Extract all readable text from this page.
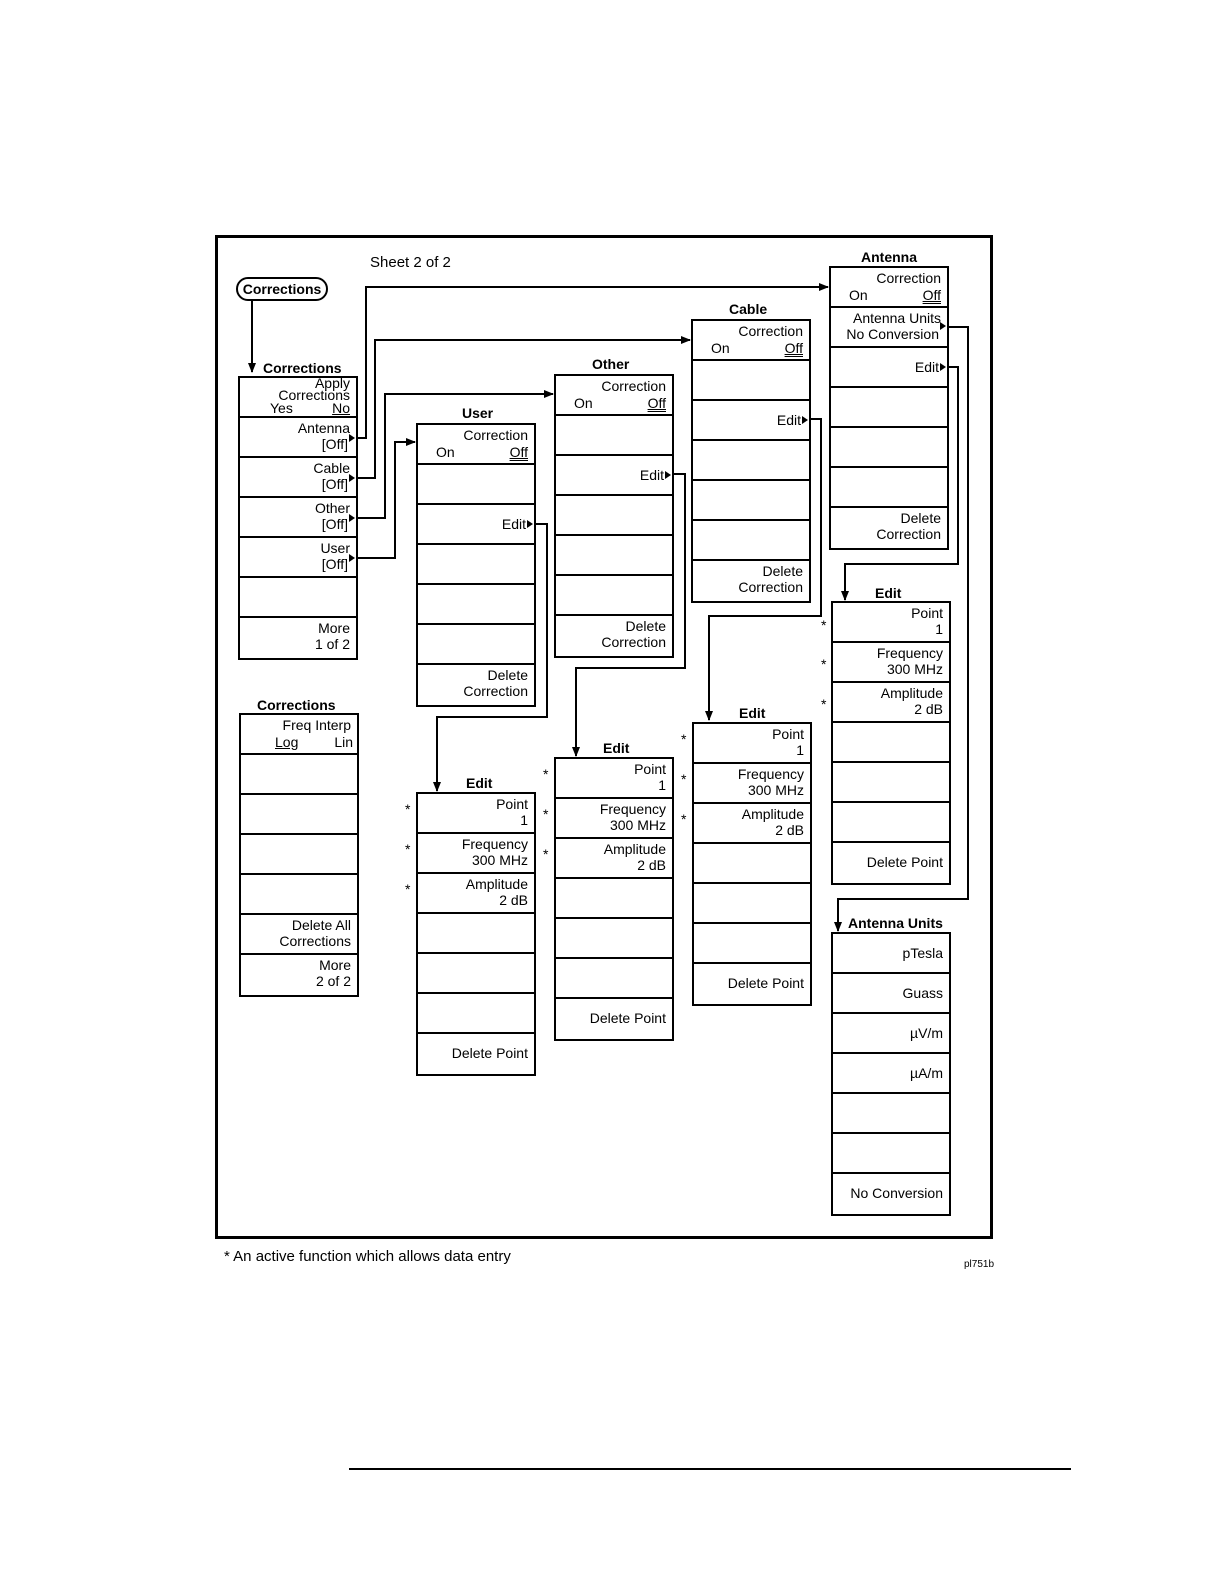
Sheet 2 of 2
Corrections
Corrections
Apply
Corrections
Yes	No
Antenna
[Off]
Cable
[Off]
Other
[Off]
User
[Off]
More
1 of 2
Corrections
Freq Interp
Log	Lin
Delete All
Corrections
More
2 of 2
User
Correction
On	Off
Edit
Delete
Correction
Other
Correction
On	Off
Edit
Delete
Correction
Cable
Correction
On	Off
Edit
Delete
Correction
Antenna
Correction
On	Off
Antenna Units
No Conversion
Edit
Delete
Correction
Edit
Point
1
Frequency
300 MHz
Amplitude
2 dB
Delete Point
*
*
*
Edit
Point
1
Frequency
300 MHz
Amplitude
2 dB
Delete Point
*
*
*
Edit
Point
1
Frequency
300 MHz
Amplitude
2 dB
Delete Point
*
*
*
Edit
Point
1
Frequency
300 MHz
Amplitude
2 dB
Delete Point
*
*
*
Antenna Units
pTesla
Guass
µV/m
µA/m
No Conversion
* An active function which allows data entry	pl751b
